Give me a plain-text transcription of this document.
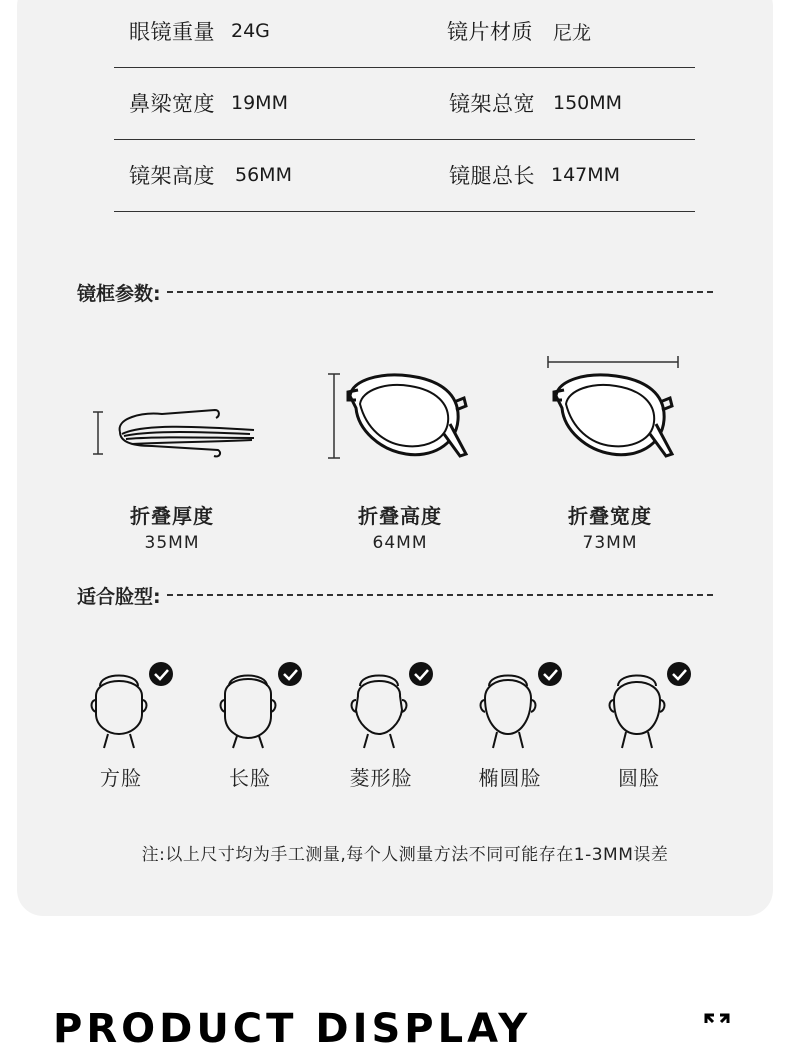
眼镜重量 24G	镜片材质 尼龙
鼻梁宽度 19MM	镜架总宽 150MM
镜架高度 56MM	镜腿总长 147MM
镜框参数:
折叠厚度
35MM
折叠高度
64MM
折叠宽度
73MM
适合脸型:
方脸	长脸	菱形脸	椭圆脸	圆脸
注:以上尺寸均为手工测量,每个人测量方法不同可能存在1-3MM误差
PRODUCT DISPLAY
